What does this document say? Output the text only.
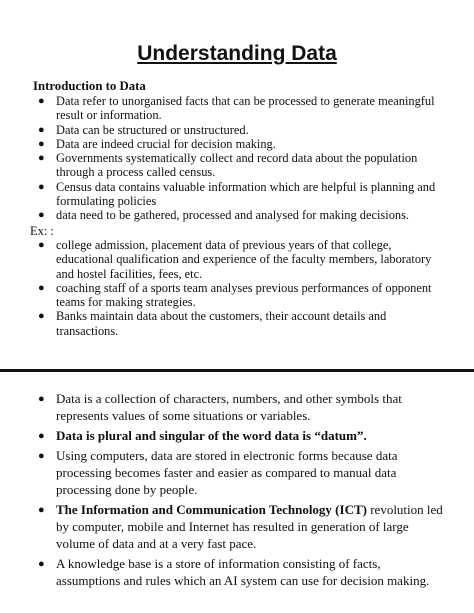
Understanding Data
Introduction to Data
● Data refer to unorganised facts that can be processed to generate meaningful result or information.
● Data can be structured or unstructured.
● Data are indeed crucial for decision making.
● Governments systematically collect and record data about the population through a process called census.
● Census data contains valuable information which are helpful is planning and formulating policies
● data need to be gathered, processed and analysed for making decisions.
Ex: :
● college admission, placement data of previous years of that college, educational qualification and experience of the faculty members, laboratory and hostel facilities, fees, etc.
● coaching staff of a sports team analyses previous performances of opponent teams for making strategies.
● Banks maintain data about the customers, their account details and transactions.
● Data is a collection of characters, numbers, and other symbols that represents values of some situations or variables.
● Data is plural and singular of the word data is “datum”.
● Using computers, data are stored in electronic forms because data processing becomes faster and easier as compared to manual data processing done by people.
● The Information and Communication Technology (ICT) revolution led by computer, mobile and Internet has resulted in generation of large volume of data and at a very fast pace.
● A knowledge base is a store of information consisting of facts, assumptions and rules which an AI system can use for decision making.
